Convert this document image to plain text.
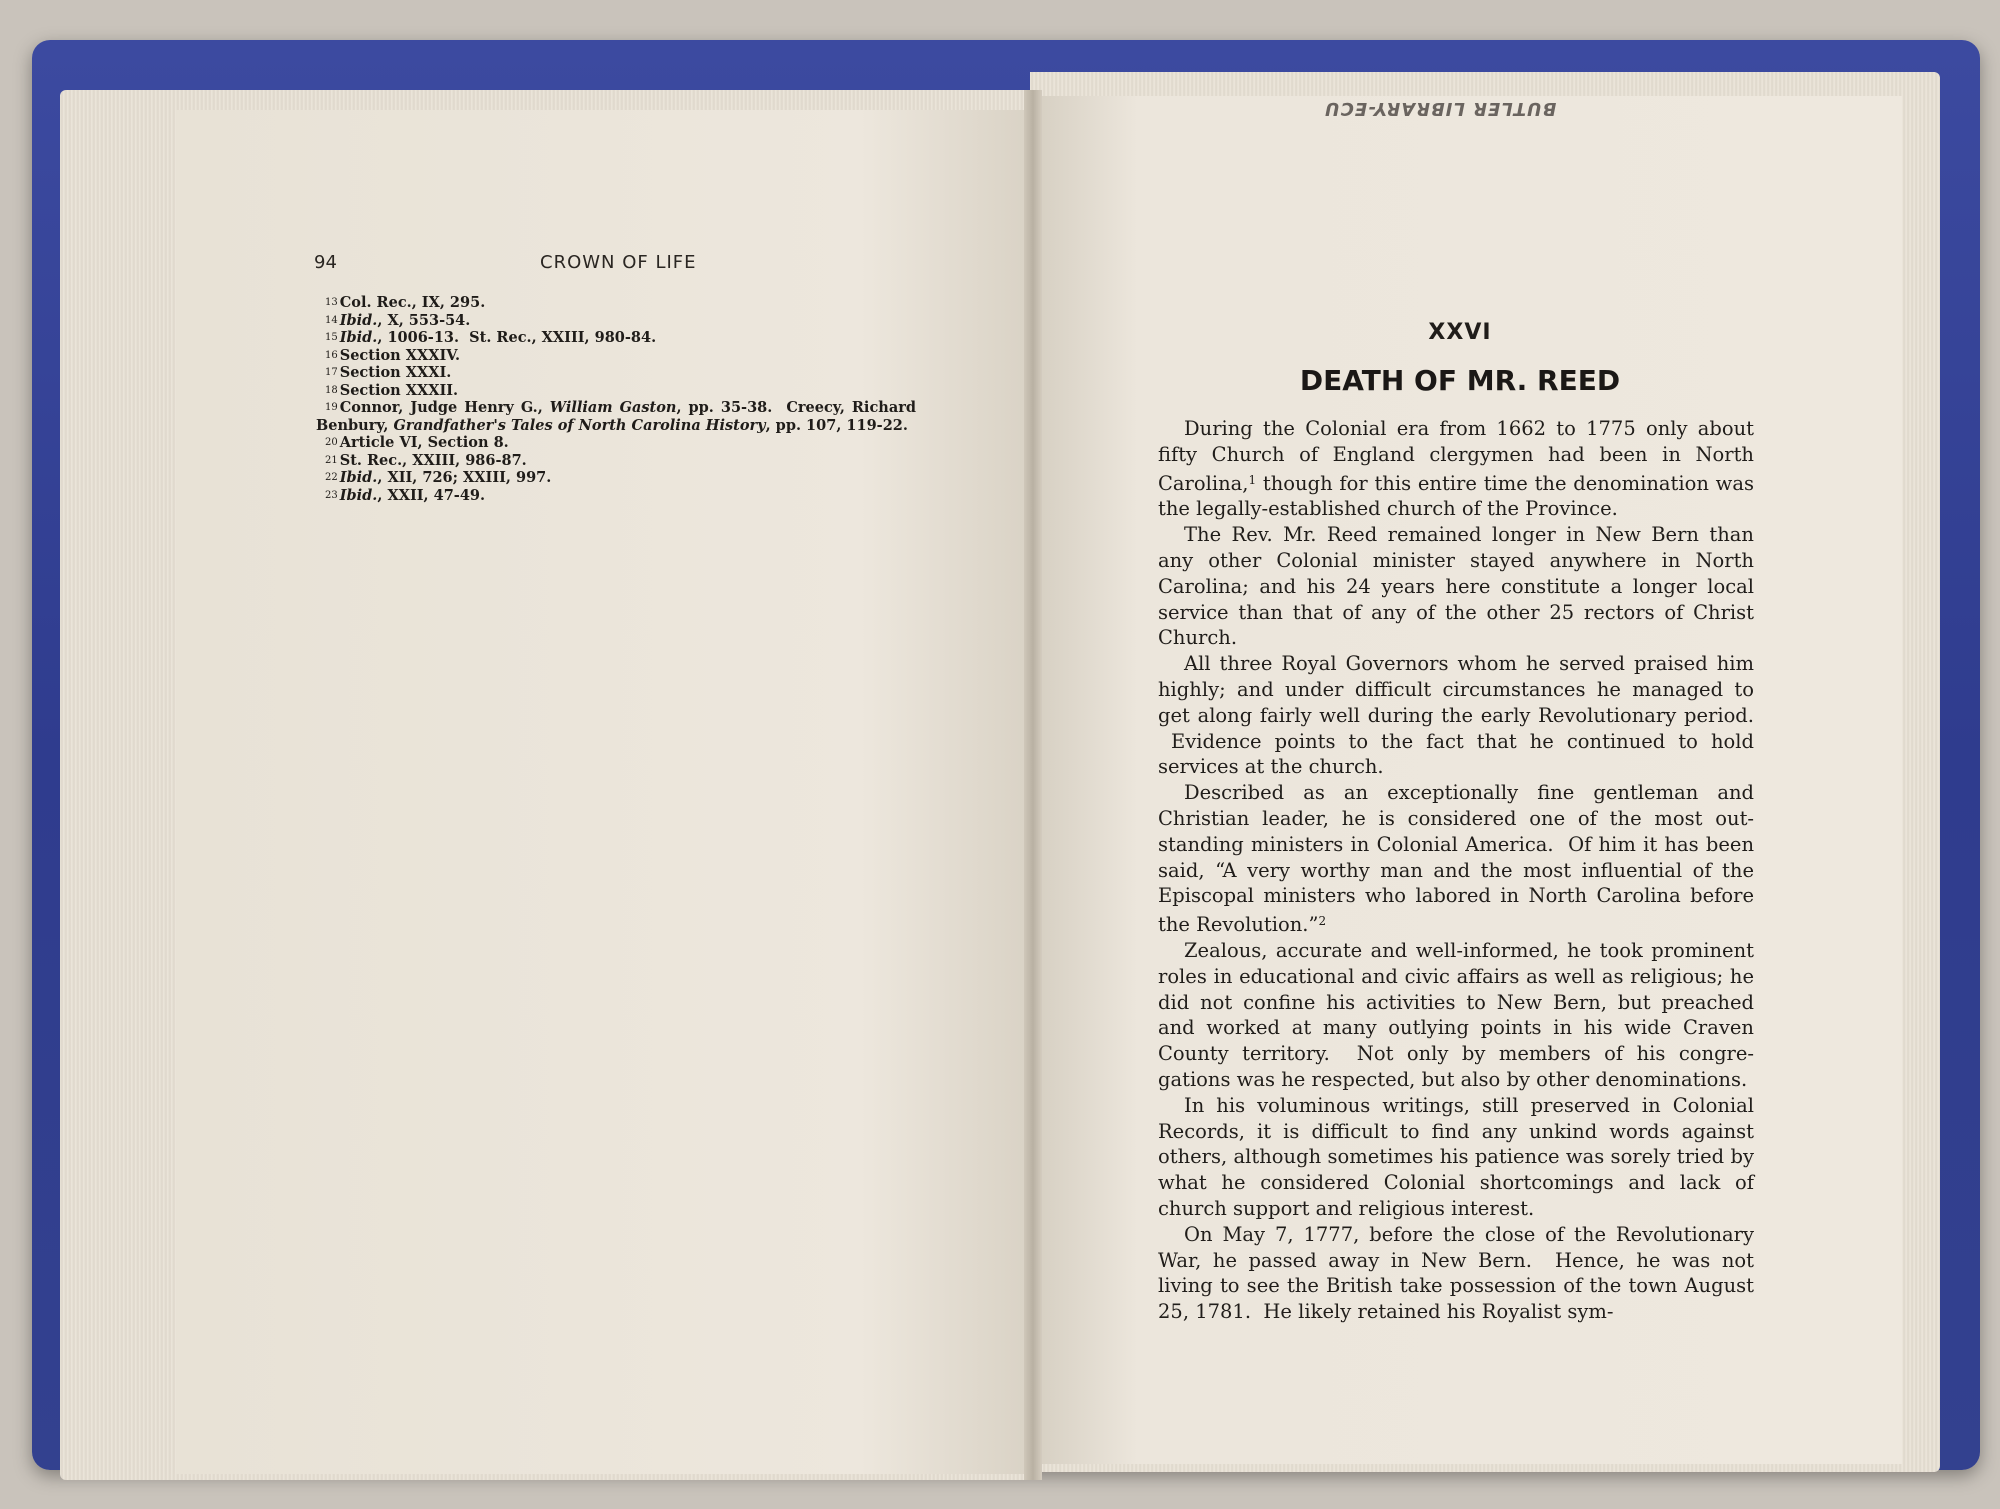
BUTLER LIBRARY-ECU
94	CROWN OF LIFE

$^{13}$ Col. Rec., IX, 295.

$^{14}$ Ibid., X, 553-54.

$^{15}$ Ibid., 1006-13.  St. Rec., XXIII, 980-84.

$^{16}$ Section XXXIV.

$^{17}$ Section XXXI.

$^{18}$ Section XXXII.

$^{19}$ Connor, Judge Henry G., William Gaston, pp. 35-38.  Creecy, Richard Benbury, Grandfather's Tales of North Carolina History, pp. 107, 119-22.

$^{20}$ Article VI, Section 8.

$^{21}$ St. Rec., XXIII, 986-87.

$^{22}$ Ibid., XII, 726; XXIII, 997.

$^{23}$ Ibid., XXII, 47-49.

XXVI
DEATH OF MR. REED

During the Colonial era from 1662 to 1775 only about fifty Church of England clergymen had been in North Carolina,$^1$ though for this entire time the denomination was the legally-established church of the Province.

The Rev. Mr. Reed remained longer in New Bern than any other Colonial minister stayed anywhere in North Carolina; and his 24 years here constitute a longer local service than that of any of the other 25 rectors of Christ Church.

All three Royal Governors whom he served praised him highly; and under difficult circumstances he managed to get along fairly well during the early Revolutionary period.  Evidence points to the fact that he continued to hold services at the church.

Described as an exceptionally fine gentleman and Christian leader, he is considered one of the most out-standing ministers in Colonial America.  Of him it has been said, “A very worthy man and the most influential of the Episcopal ministers who labored in North Carolina before the Revolution.”$^2$

Zealous, accurate and well-informed, he took prominent roles in educational and civic affairs as well as religious; he did not confine his activities to New Bern, but preached and worked at many outlying points in his wide Craven County territory.  Not only by members of his congre-gations was he respected, but also by other denominations.

In his voluminous writings, still preserved in Colonial Records, it is difficult to find any unkind words against others, although sometimes his patience was sorely tried by what he considered Colonial shortcomings and lack of church support and religious interest.

On May 7, 1777, before the close of the Revolutionary War, he passed away in New Bern.  Hence, he was not living to see the British take possession of the town August 25, 1781.  He likely retained his Royalist sym-
